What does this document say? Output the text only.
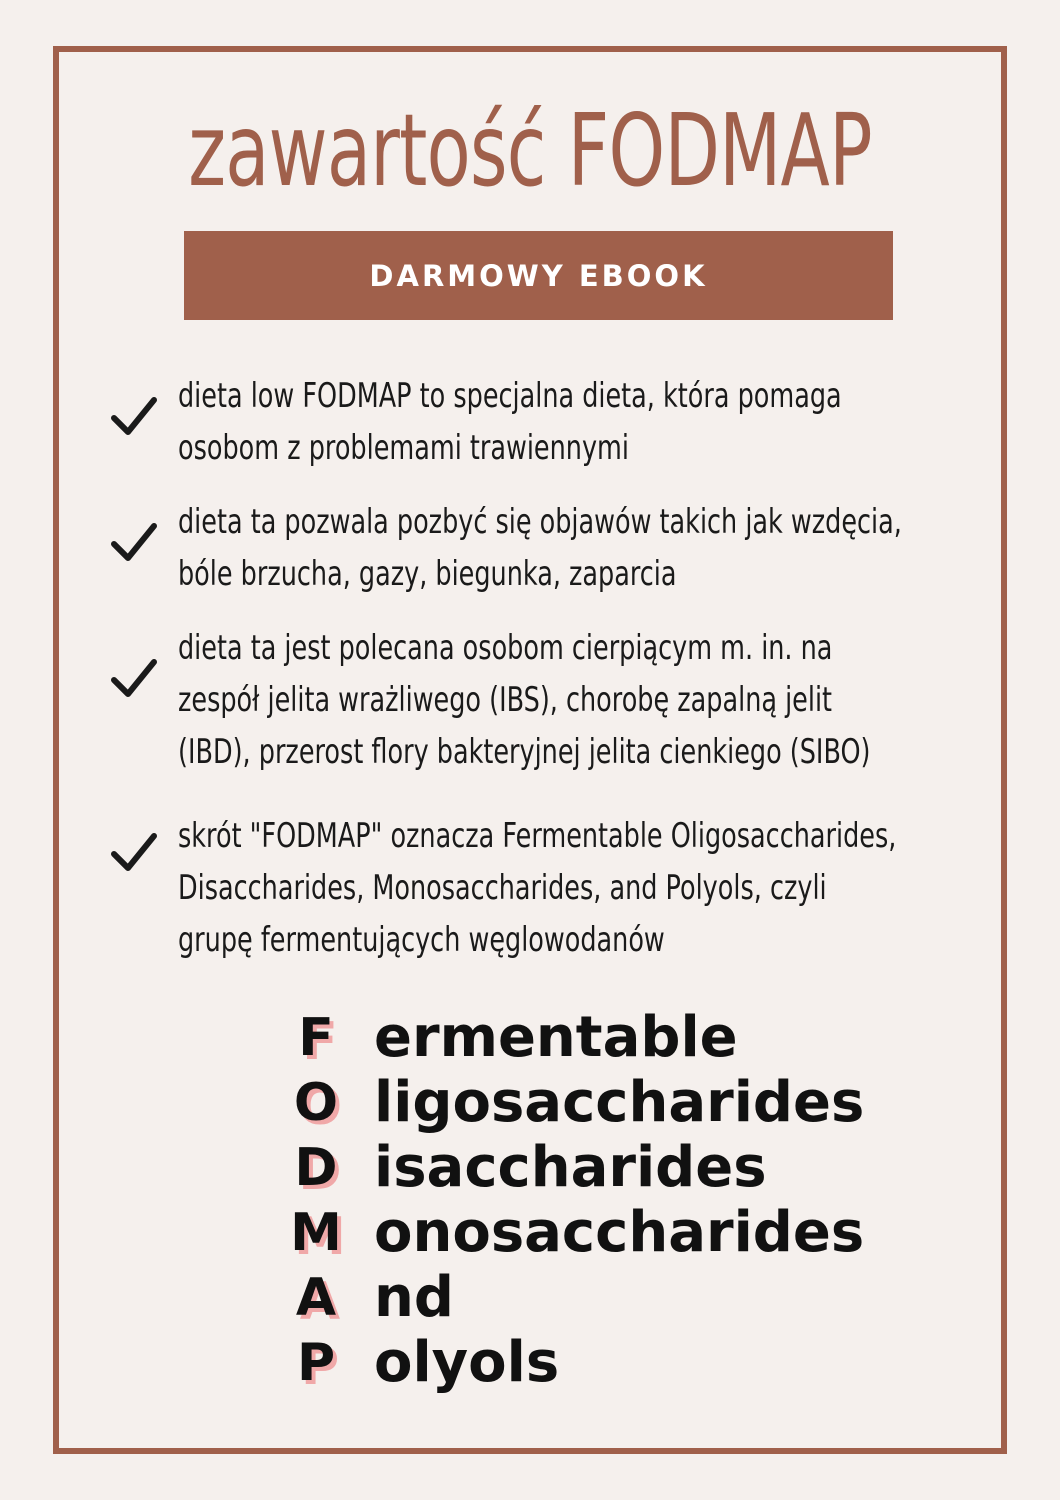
zawartość FODMAP
DARMOWY EBOOK
dieta low FODMAP to specjalna dieta, która pomaga
osobom z problemami trawiennymi
dieta ta pozwala pozbyć się objawów takich jak wzdęcia,
bóle brzucha, gazy, biegunka, zaparcia
dieta ta jest polecana osobom cierpiącym m. in. na
zespół jelita wrażliwego (IBS), chorobę zapalną jelit
(IBD), przerost flory bakteryjnej jelita cienkiego (SIBO)
skrót "FODMAP" oznacza Fermentable Oligosaccharides,
Disaccharides, Monosaccharides, and Polyols, czyli
grupę fermentujących węglowodanów
F ermentable
O ligosaccharides
D isaccharides
M onosaccharides
A nd
P olyols
